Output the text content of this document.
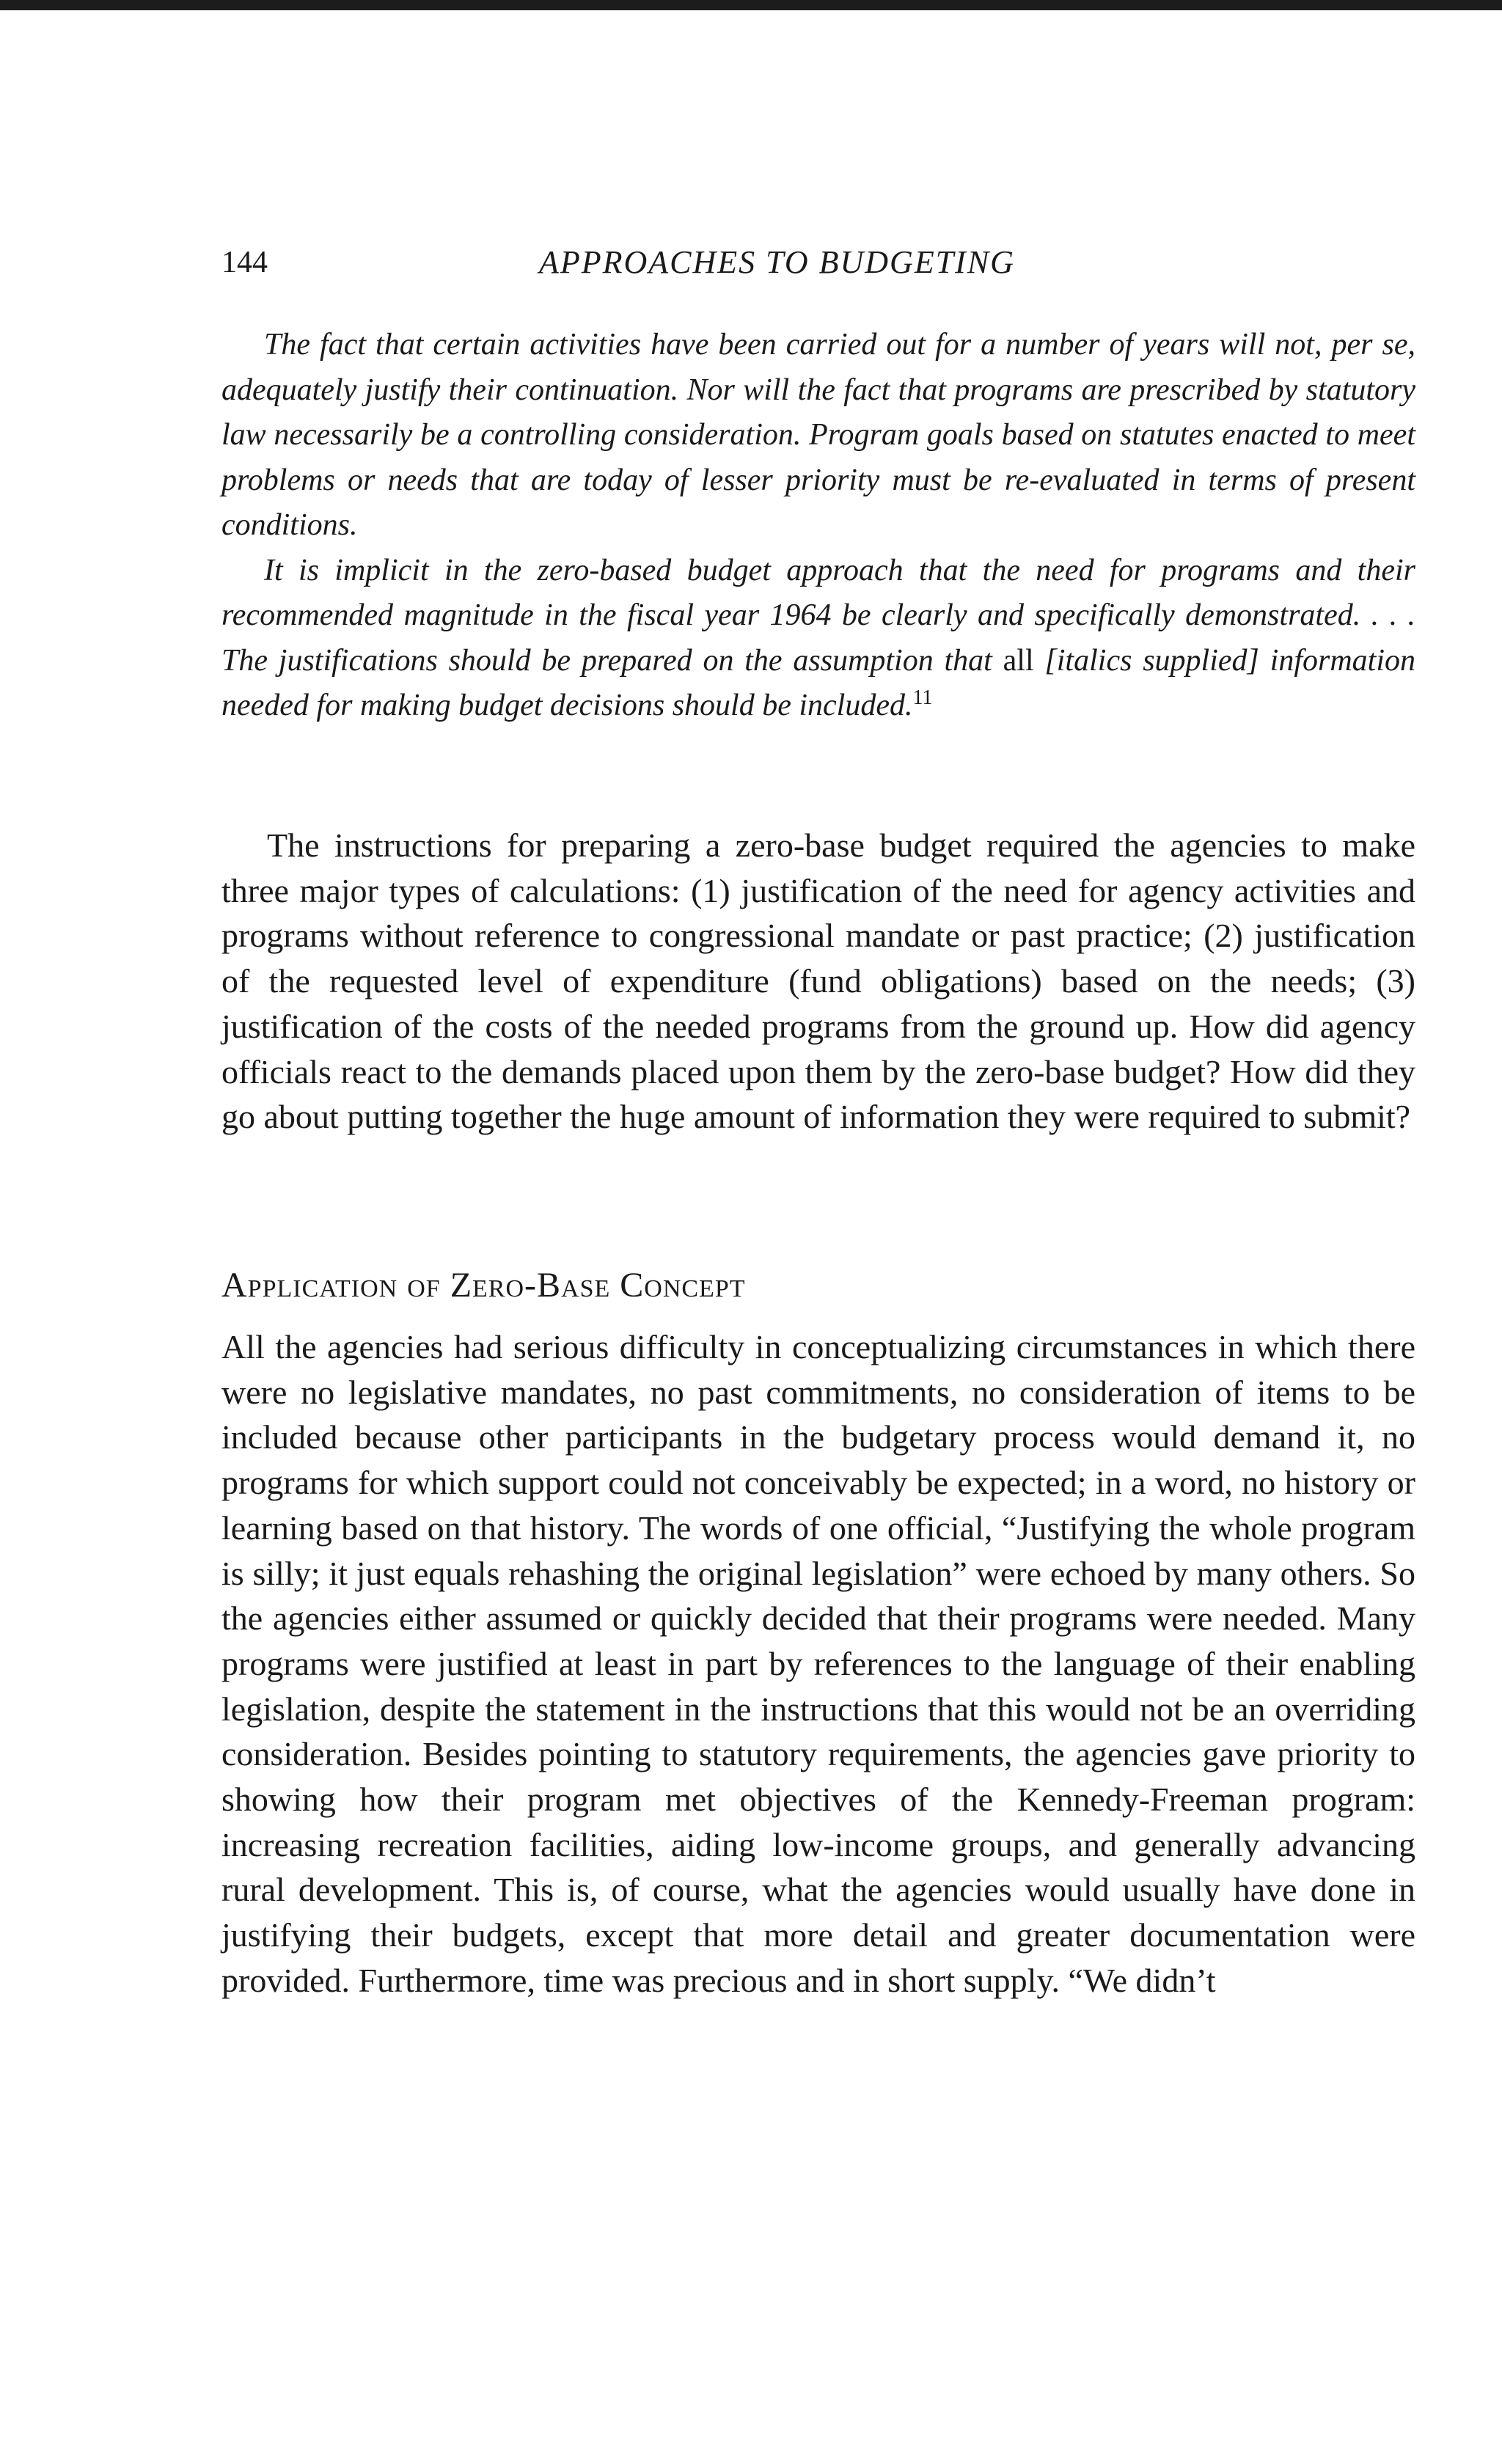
144	APPROACHES TO BUDGETING

The fact that certain activities have been carried out for a number of years will not, per se, adequately justify their continuation. Nor will the fact that programs are prescribed by statutory law necessarily be a controlling consideration. Program goals based on statutes enacted to meet problems or needs that are today of lesser priority must be re-evaluated in terms of present conditions.

It is implicit in the zero-based budget approach that the need for programs and their recommended magnitude in the fiscal year 1964 be clearly and specifically demonstrated. . . . The justifications should be prepared on the assumption that all [italics supplied] information needed for making budget decisions should be included.$^{11}$

The instructions for preparing a zero-base budget required the agencies to make three major types of calculations: (1) justification of the need for agency activities and programs without reference to congressional mandate or past practice; (2) justification of the requested level of expenditure (fund obligations) based on the needs; (3) justification of the costs of the needed programs from the ground up. How did agency officials react to the demands placed upon them by the zero-base budget? How did they go about putting together the huge amount of information they were required to submit?

Application of Zero-Base Concept

All the agencies had serious difficulty in conceptualizing circumstances in which there were no legislative mandates, no past commitments, no consideration of items to be included because other participants in the budgetary process would demand it, no programs for which support could not conceivably be expected; in a word, no history or learning based on that history. The words of one official, “Justifying the whole program is silly; it just equals rehashing the original legislation” were echoed by many others. So the agencies either assumed or quickly decided that their programs were needed. Many programs were justified at least in part by references to the language of their enabling legislation, despite the statement in the instructions that this would not be an overriding consideration. Besides pointing to statutory requirements, the agencies gave priority to showing how their program met objectives of the Kennedy-Freeman program: increasing recreation facilities, aiding low-income groups, and generally advancing rural development. This is, of course, what the agencies would usually have done in justifying their budgets, except that more detail and greater documentation were provided. Furthermore, time was precious and in short supply. “We didn’t
